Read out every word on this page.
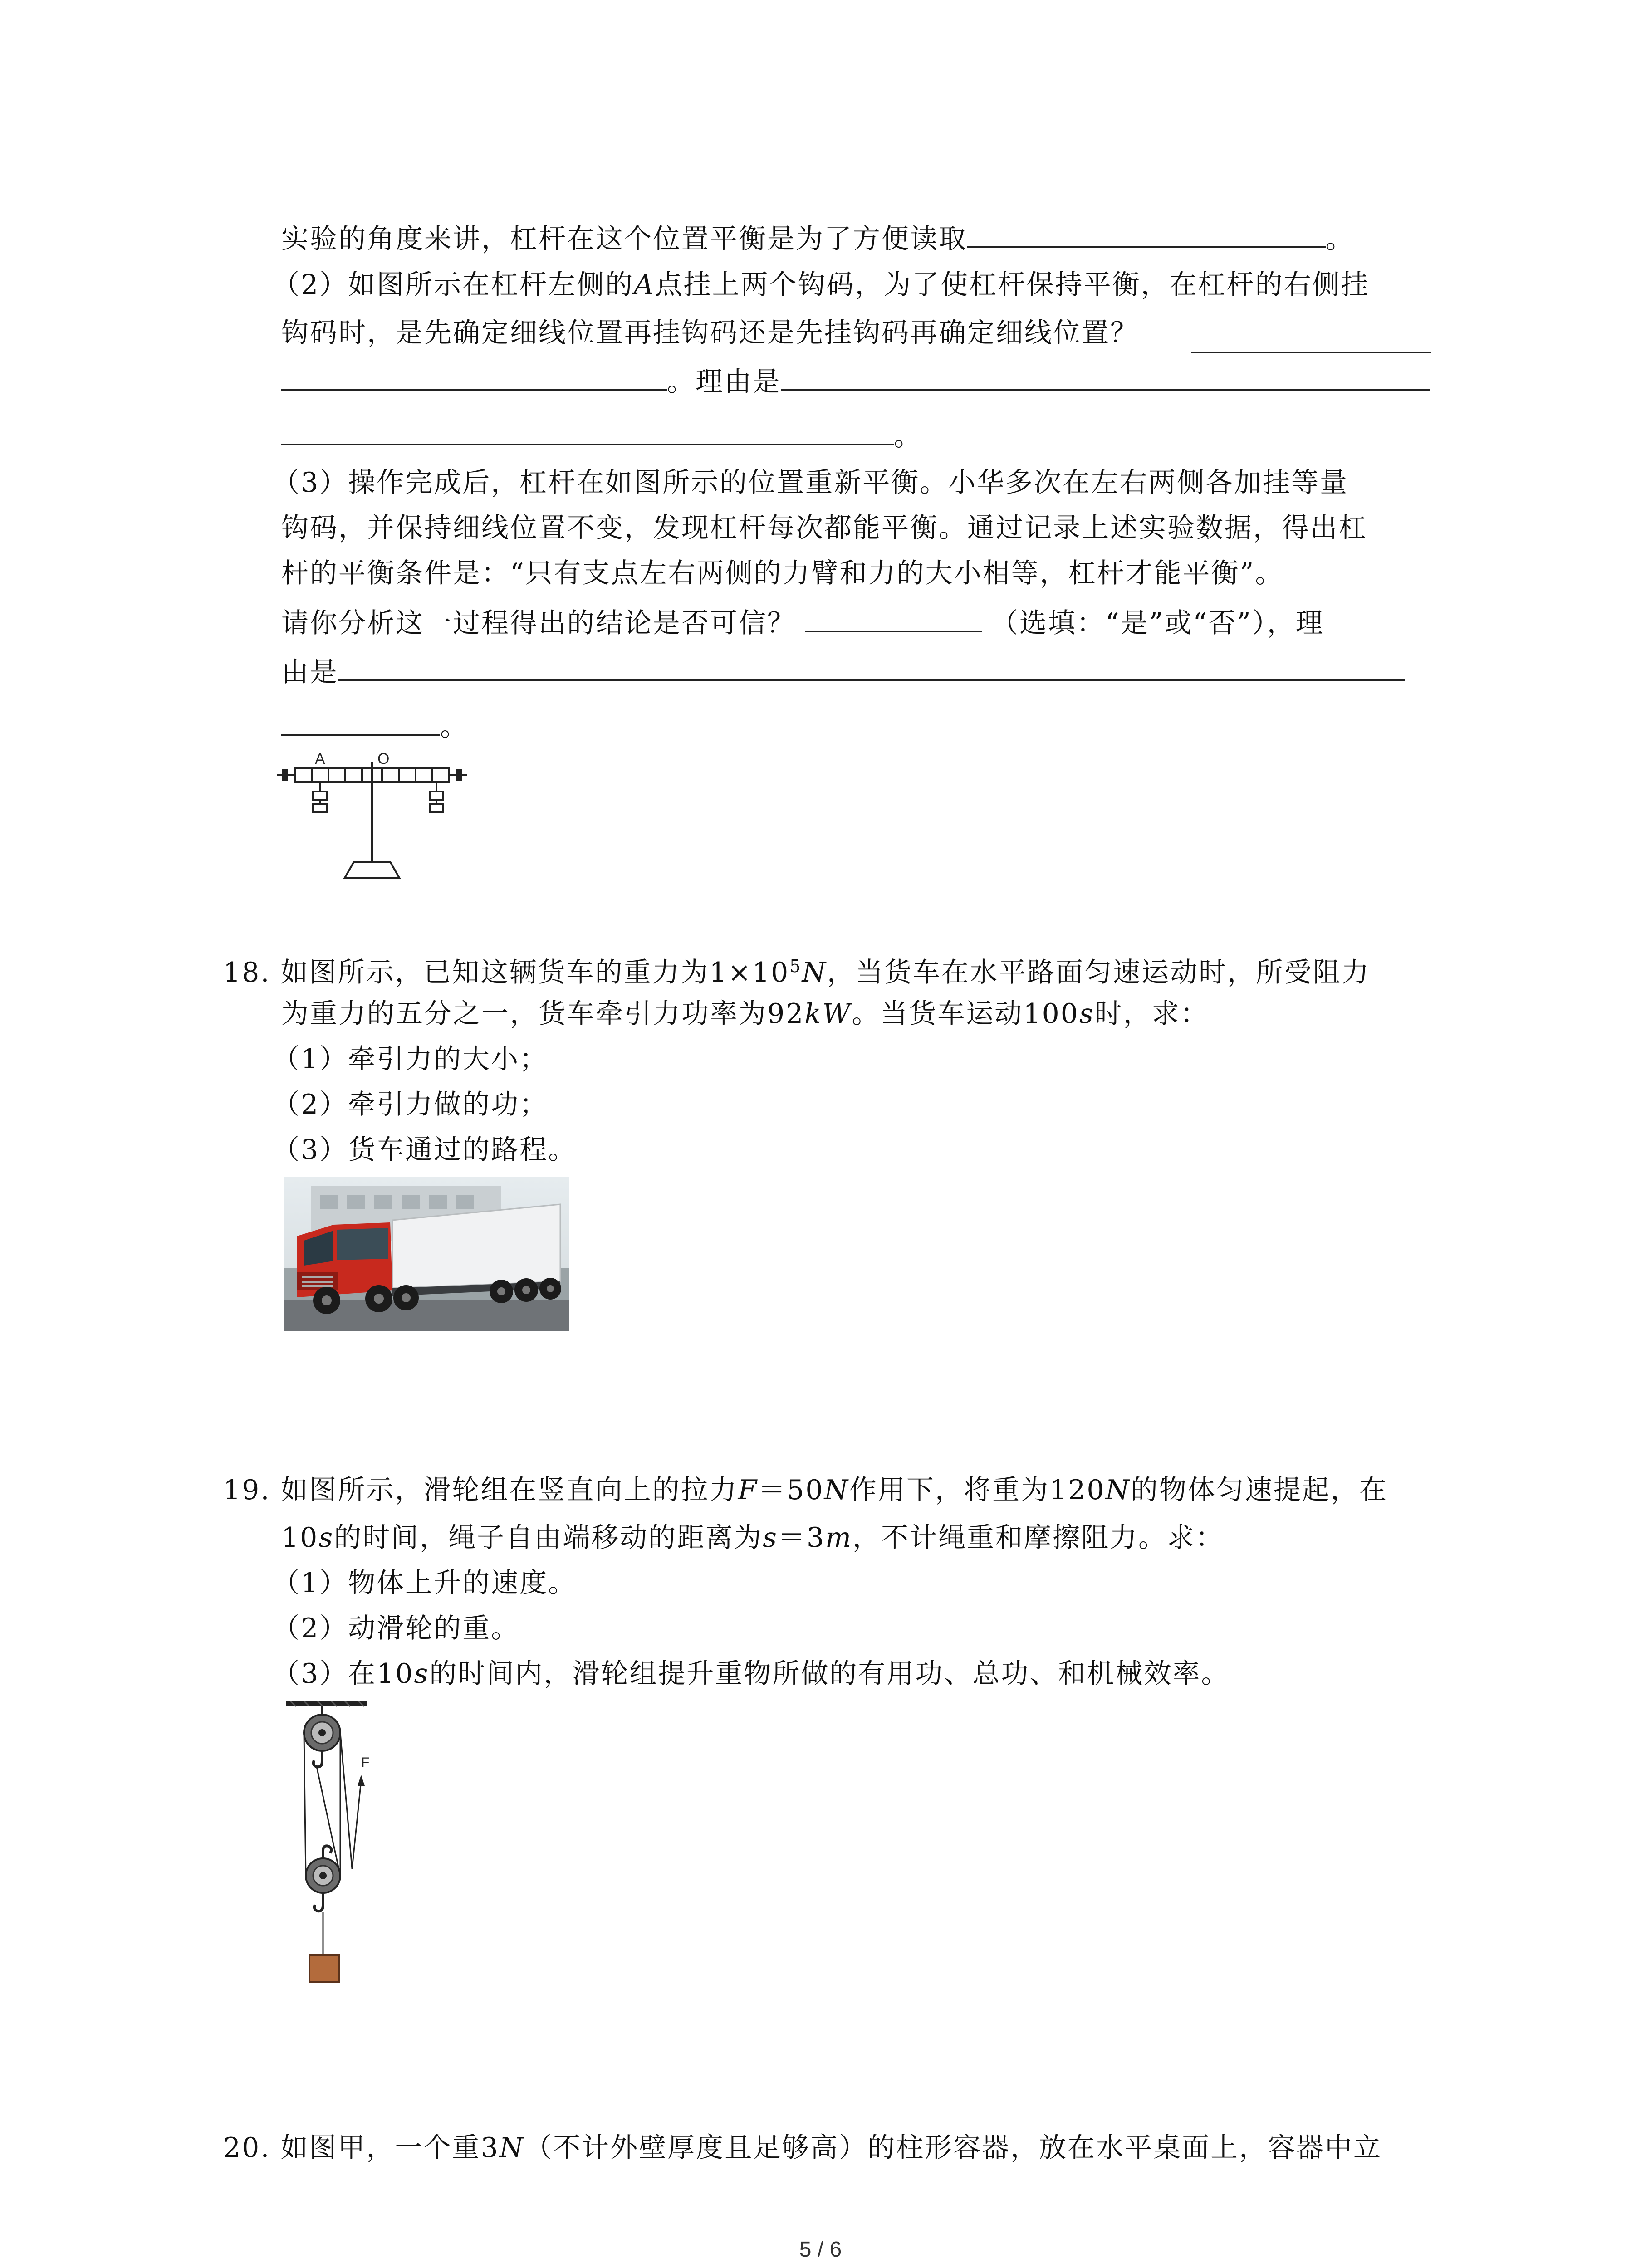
实验的角度来讲，杠杆在这个位置平衡是为了方便读取	。
（2）如图所示在杠杆左侧的A点挂上两个钩码，为了使杠杆保持平衡，在杠杆的右侧挂
钩码时，是先确定细线位置再挂钩码还是先挂钩码再确定细线位置？
。理由是
。
（3）操作完成后，杠杆在如图所示的位置重新平衡。小华多次在左右两侧各加挂等量
钩码，并保持细线位置不变，发现杠杆每次都能平衡。通过记录上述实验数据，得出杠
杆的平衡条件是：“只有支点左右两侧的力臂和力的大小相等，杠杆才能平衡”。
请你分析这一过程得出的结论是否可信？	（选填：“是”或“否”），理
由是
。
A	O
18. 如图所示，已知这辆货车的重力为$1\times 10^5N$，当货车在水平路面匀速运动时，所受阻力
为重力的五分之一，货车牵引力功率为92kW。当货车运动100s时，求：
（1）牵引力的大小；
（2）牵引力做的功；
（3）货车通过的路程。
19. 如图所示，滑轮组在竖直向上的拉力F＝50N作用下，将重为120N的物体匀速提起，在
10s的时间，绳子自由端移动的距离为s＝3m，不计绳重和摩擦阻力。求：
（1）物体上升的速度。
（2）动滑轮的重。
（3）在10s的时间内，滑轮组提升重物所做的有用功、总功、和机械效率。
F
20. 如图甲，一个重3N（不计外壁厚度且足够高）的柱形容器，放在水平桌面上，容器中立
5 / 6
